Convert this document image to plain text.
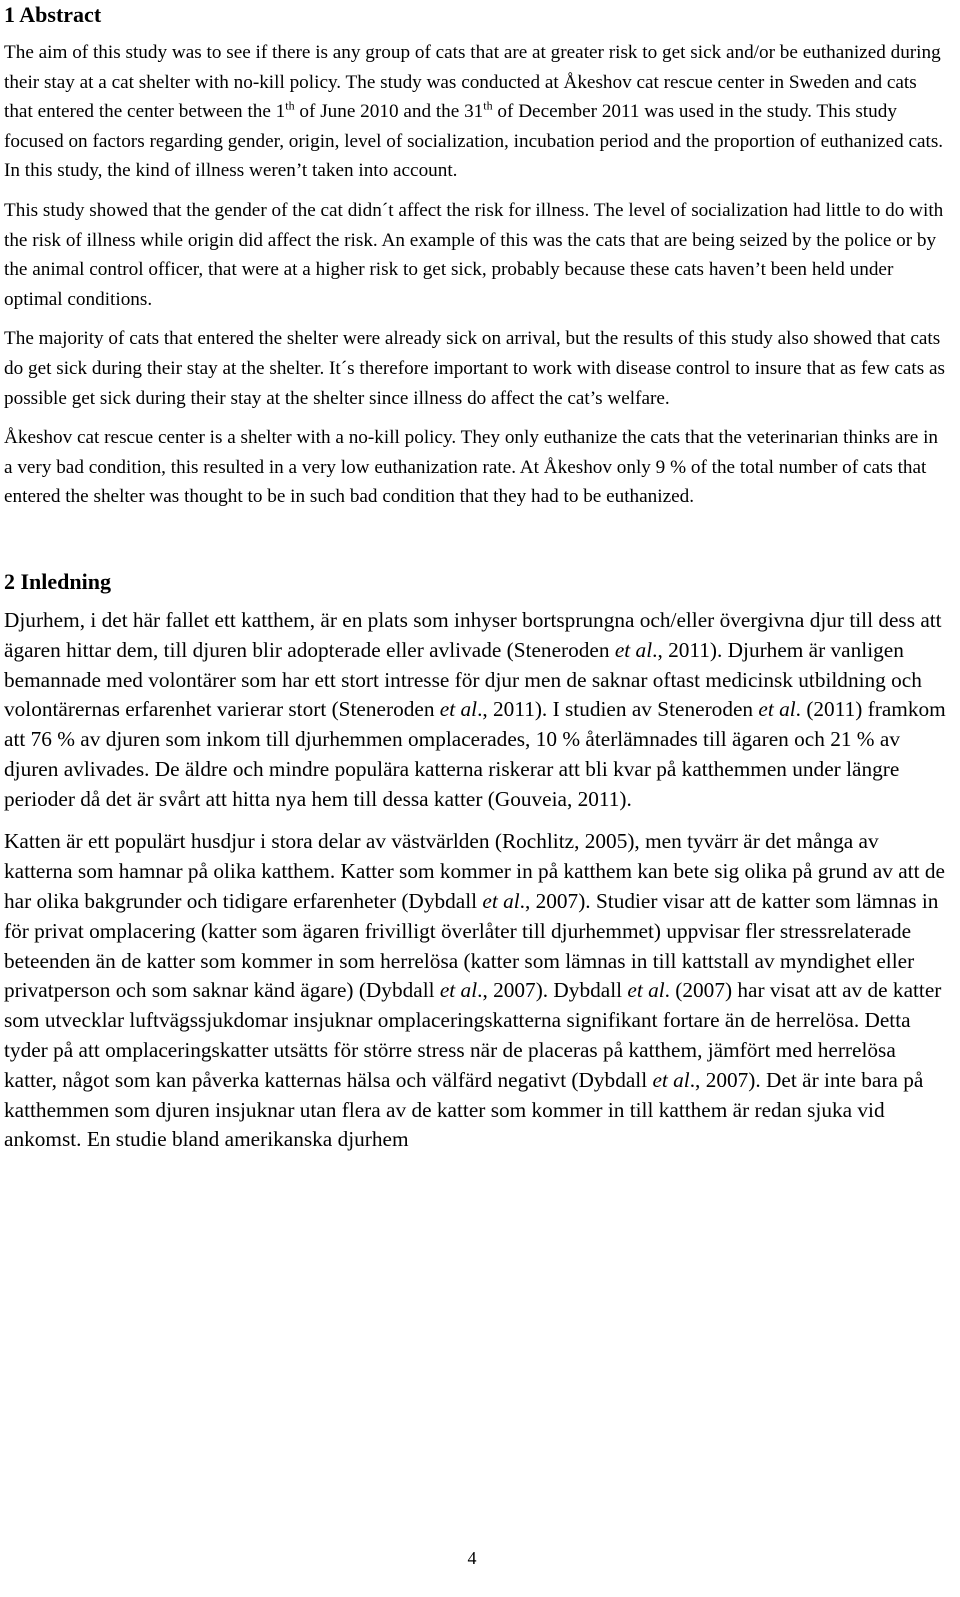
1 Abstract

The aim of this study was to see if there is any group of cats that are at greater risk to get sick and/or be euthanized during their stay at a cat shelter with no-kill policy. The study was conducted at Åkeshov cat rescue center in Sweden and cats that entered the center between the 1th of June 2010 and the 31th of December 2011 was used in the study. This study focused on factors regarding gender, origin, level of socialization, incubation period and the proportion of euthanized cats. In this study, the kind of illness weren’t taken into account.

This study showed that the gender of the cat didn´t affect the risk for illness. The level of socialization had little to do with the risk of illness while origin did affect the risk. An example of this was the cats that are being seized by the police or by the animal control officer, that were at a higher risk to get sick, probably because these cats haven’t been held under optimal conditions.

The majority of cats that entered the shelter were already sick on arrival, but the results of this study also showed that cats do get sick during their stay at the shelter. It´s therefore important to work with disease control to insure that as few cats as possible get sick during their stay at the shelter since illness do affect the cat’s welfare.

Åkeshov cat rescue center is a shelter with a no-kill policy. They only euthanize the cats that the veterinarian thinks are in a very bad condition, this resulted in a very low euthanization rate. At Åkeshov only 9 % of the total number of cats that entered the shelter was thought to be in such bad condition that they had to be euthanized.

2 Inledning

Djurhem, i det här fallet ett katthem, är en plats som inhyser bortsprungna och/eller övergivna djur till dess att ägaren hittar dem, till djuren blir adopterade eller avlivade (Steneroden et al., 2011). Djurhem är vanligen bemannade med volontärer som har ett stort intresse för djur men de saknar oftast medicinsk utbildning och volontärernas erfarenhet varierar stort (Steneroden et al., 2011). I studien av Steneroden et al. (2011) framkom att 76 % av djuren som inkom till djurhemmen omplacerades, 10 % återlämnades till ägaren och 21 % av djuren avlivades. De äldre och mindre populära katterna riskerar att bli kvar på katthemmen under längre perioder då det är svårt att hitta nya hem till dessa katter (Gouveia, 2011).

Katten är ett populärt husdjur i stora delar av västvärlden (Rochlitz, 2005), men tyvärr är det många av katterna som hamnar på olika katthem. Katter som kommer in på katthem kan bete sig olika på grund av att de har olika bakgrunder och tidigare erfarenheter (Dybdall et al., 2007). Studier visar att de katter som lämnas in för privat omplacering (katter som ägaren frivilligt överlåter till djurhemmet) uppvisar fler stressrelaterade beteenden än de katter som kommer in som herrelösa (katter som lämnas in till kattstall av myndighet eller privatperson och som saknar känd ägare) (Dybdall et al., 2007). Dybdall et al. (2007) har visat att av de katter som utvecklar luftvägssjukdomar insjuknar omplaceringskatterna signifikant fortare än de herrelösa. Detta tyder på att omplaceringskatter utsätts för större stress när de placeras på katthem, jämfört med herrelösa katter, något som kan påverka katternas hälsa och välfärd negativt (Dybdall et al., 2007). Det är inte bara på katthemmen som djuren insjuknar utan flera av de katter som kommer in till katthem är redan sjuka vid ankomst. En studie bland amerikanska djurhem

4
